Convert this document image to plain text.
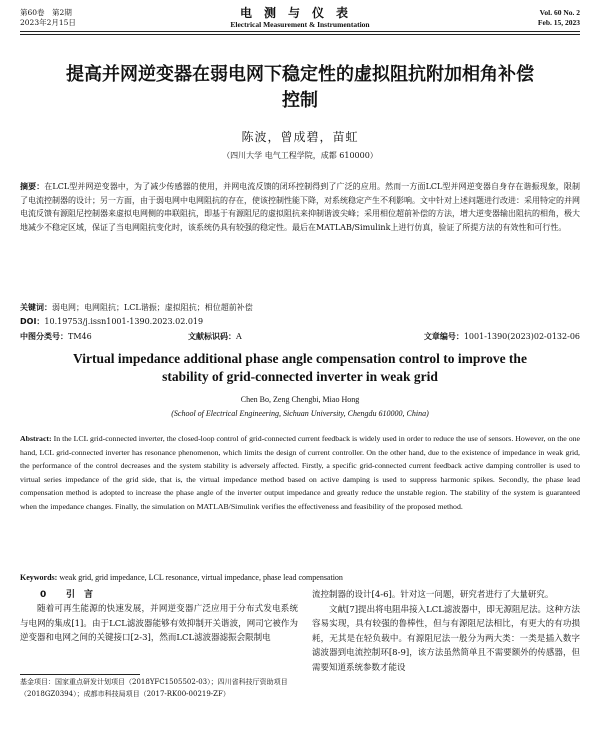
第60卷　第2期
2023年2月15日
电测与仪表
Electrical Measurement & Instrumentation
Vol. 60 No. 2
Feb. 15, 2023
提高并网逆变器在弱电网下稳定性的虚拟阻抗附加相角补偿控制
陈波，曾成碧，苗虹
（四川大学 电气工程学院，成都 610000）
摘要：在LCL型并网逆变器中，为了减少传感器的使用，并网电流反馈的闭环控制得到了广泛的应用。然而一方面LCL型并网逆变器自身存在谐振现象，限制了电流控制器的设计；另一方面，由于弱电网中电网阻抗的存在，使该控制性能下降，对系统稳定产生不利影响。文中针对上述问题进行改进：采用特定的并网电流反馈有源阻尼控制器来虚拟电网侧的串联阻抗，即基于有源阻尼的虚拟阻抗来抑制谐波尖峰；采用相位超前补偿的方法，增大逆变器输出阻抗的相角，极大地减少不稳定区域，保证了当电网阻抗变化时，该系统仍具有较强的稳定性。最后在MATLAB/Simulink上进行仿真，验证了所提方法的有效性和可行性。
关键词：弱电网；电网阻抗；LCL谐振；虚拟阻抗；相位超前补偿
DOI：10.19753/j.issn1001-1390.2023.02.019
中图分类号：TM46	文献标识码：A	文章编号：1001-1390(2023)02-0132-06
Virtual impedance additional phase angle compensation control to improve the stability of grid-connected inverter in weak grid
Chen Bo, Zeng Chengbi, Miao Hong
(School of Electrical Engineering, Sichuan University, Chengdu 610000, China)
Abstract: In the LCL grid-connected inverter, the closed-loop control of grid-connected current feedback is widely used in order to reduce the use of sensors. However, on the one hand, LCL grid-connected inverter has resonance phenomenon, which limits the design of current controller. On the other hand, due to the existence of impedance in weak grid, the performance of the control decreases and the system stability is adversely affected. Firstly, a specific grid-connected current feedback active damping controller is used to virtual series impedance of the grid side, that is, the virtual impedance method based on active damping is used to suppress harmonic spikes. Secondly, the phase lead compensation method is adopted to increase the phase angle of the inverter output impedance and greatly reduce the unstable region. The stability of the system is guaranteed when the impedance changes. Finally, the simulation on MATLAB/Simulink verifies the effectiveness and feasibility of the proposed method.
Keywords: weak grid, grid impedance, LCL resonance, virtual impedance, phase lead compensation
0 引　言

随着可再生能源的快速发展，并网逆变器广泛应用于分布式发电系统与电网的集成[1]。由于LCL滤波器能够有效抑制开关谐波，网司它被作为逆变器和电网之间的关键接口[2-3]，然而LCL滤波器滤振会限制电

流控制器的设计[4-6]。针对这一问题，研究者进行了大量研究。

文献[7]提出将电阻串接入LCL滤波器中，即无源阻尼法。这种方法容易实现，具有较强的鲁棒性，但与有源阻尼法相比，有更大的有功损耗，无其是在轻负载中。有源阻尼法一般分为两大类：一类是插入数字滤波器到电流控制环[8-9]，该方法虽然简单且不需要额外的传感器，但需要知道系统参数才能设

基金项目：国家重点研发计划项目（2018YFC1505502-03）；四川省科技厅资助项目（2018GZ0394）；成都市科技局项目（2017-RK00-00219-ZF）
